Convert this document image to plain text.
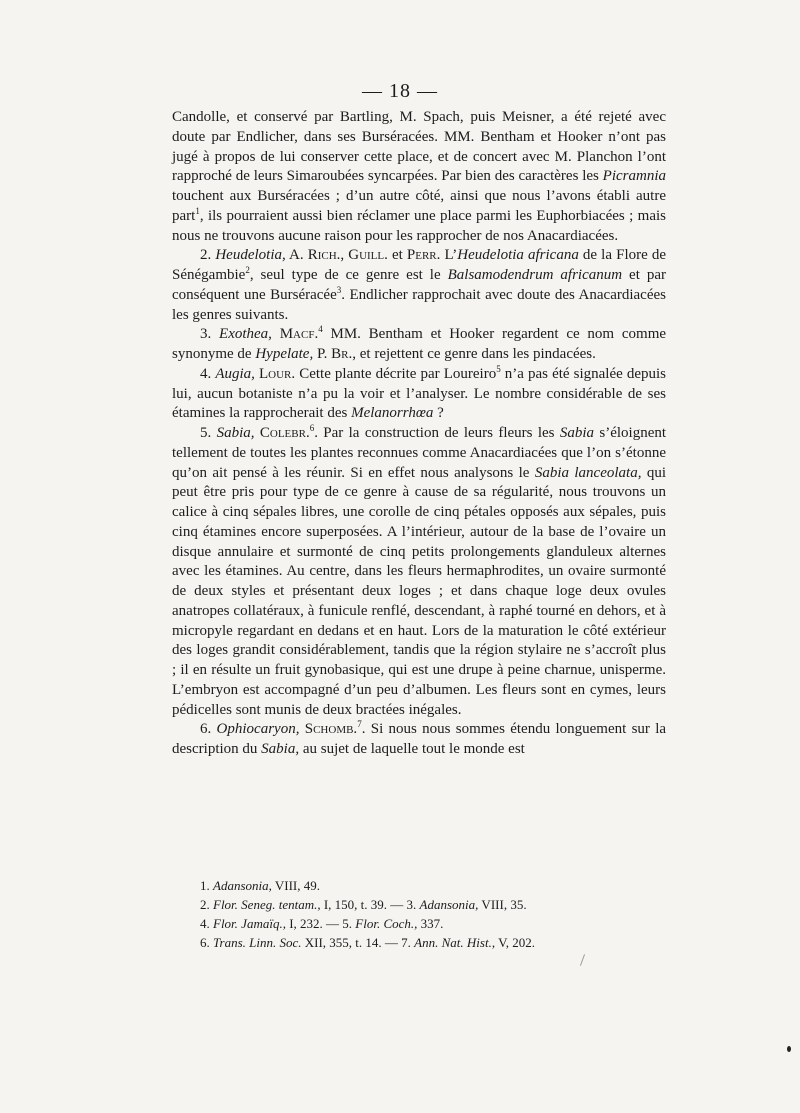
— 18 —

Candolle, et conservé par Bartling, M. Spach, puis Meisner, a été rejeté avec doute par Endlicher, dans ses Burséracées. MM. Bentham et Hooker n’ont pas jugé à propos de lui conserver cette place, et de concert avec M. Planchon l’ont rapproché de leurs Simaroubées syncarpées. Par bien des caractères les Picramnia touchent aux Burséracées ; d’un autre côté, ainsi que nous l’avons établi autre part$^1$, ils pourraient aussi bien réclamer une place parmi les Euphorbiacées ; mais nous ne trouvons aucune raison pour les rapprocher de nos Anacardiacées.

2. Heudelotia, A. Rich., Guill. et Perr. L’Heudelotia africana de la Flore de Sénégambie$^2$, seul type de ce genre est le Balsamodendrum africanum et par conséquent une Burséracée$^3$. Endlicher rapprochait avec doute des Anacardiacées les genres suivants.

3. Exothea, Macf.$^4$ MM. Bentham et Hooker regardent ce nom comme synonyme de Hypelate, P. Br., et rejettent ce genre dans les pindacées.

4. Augia, Lour. Cette plante décrite par Loureiro$^5$ n’a pas été signalée depuis lui, aucun botaniste n’a pu la voir et l’analyser. Le nombre considérable de ses étamines la rapprocherait des Melanorrhœa ?

5. Sabia, Colebr.$^6$. Par la construction de leurs fleurs les Sabia s’éloignent tellement de toutes les plantes reconnues comme Anacardiacées que l’on s’étonne qu’on ait pensé à les réunir. Si en effet nous analysons le Sabia lanceolata, qui peut être pris pour type de ce genre à cause de sa régularité, nous trouvons un calice à cinq sépales libres, une corolle de cinq pétales opposés aux sépales, puis cinq étamines encore superposées. A l’intérieur, autour de la base de l’ovaire un disque annulaire et surmonté de cinq petits prolongements glanduleux alternes avec les étamines. Au centre, dans les fleurs hermaphrodites, un ovaire surmonté de deux styles et présentant deux loges ; et dans chaque loge deux ovules anatropes collatéraux, à funicule renflé, descendant, à raphé tourné en dehors, et à micropyle regardant en dedans et en haut. Lors de la maturation le côté extérieur des loges grandit considérablement, tandis que la région stylaire ne s’accroît plus ; il en résulte un fruit gynobasique, qui est une drupe à peine charnue, unisperme. L’embryon est accompagné d’un peu d’albumen. Les fleurs sont en cymes, leurs pédicelles sont munis de deux bractées inégales.

6. Ophiocaryon, Schomb.$^7$. Si nous nous sommes étendu longuement sur la description du Sabia, au sujet de laquelle tout le monde est

1. Adansonia, VIII, 49.
2. Flor. Seneg. tentam., I, 150, t. 39. — 3. Adansonia, VIII, 35.
4. Flor. Jamaïq., I, 232. — 5. Flor. Coch., 337.
6. Trans. Linn. Soc. XII, 355, t. 14. — 7. Ann. Nat. Hist., V, 202.
